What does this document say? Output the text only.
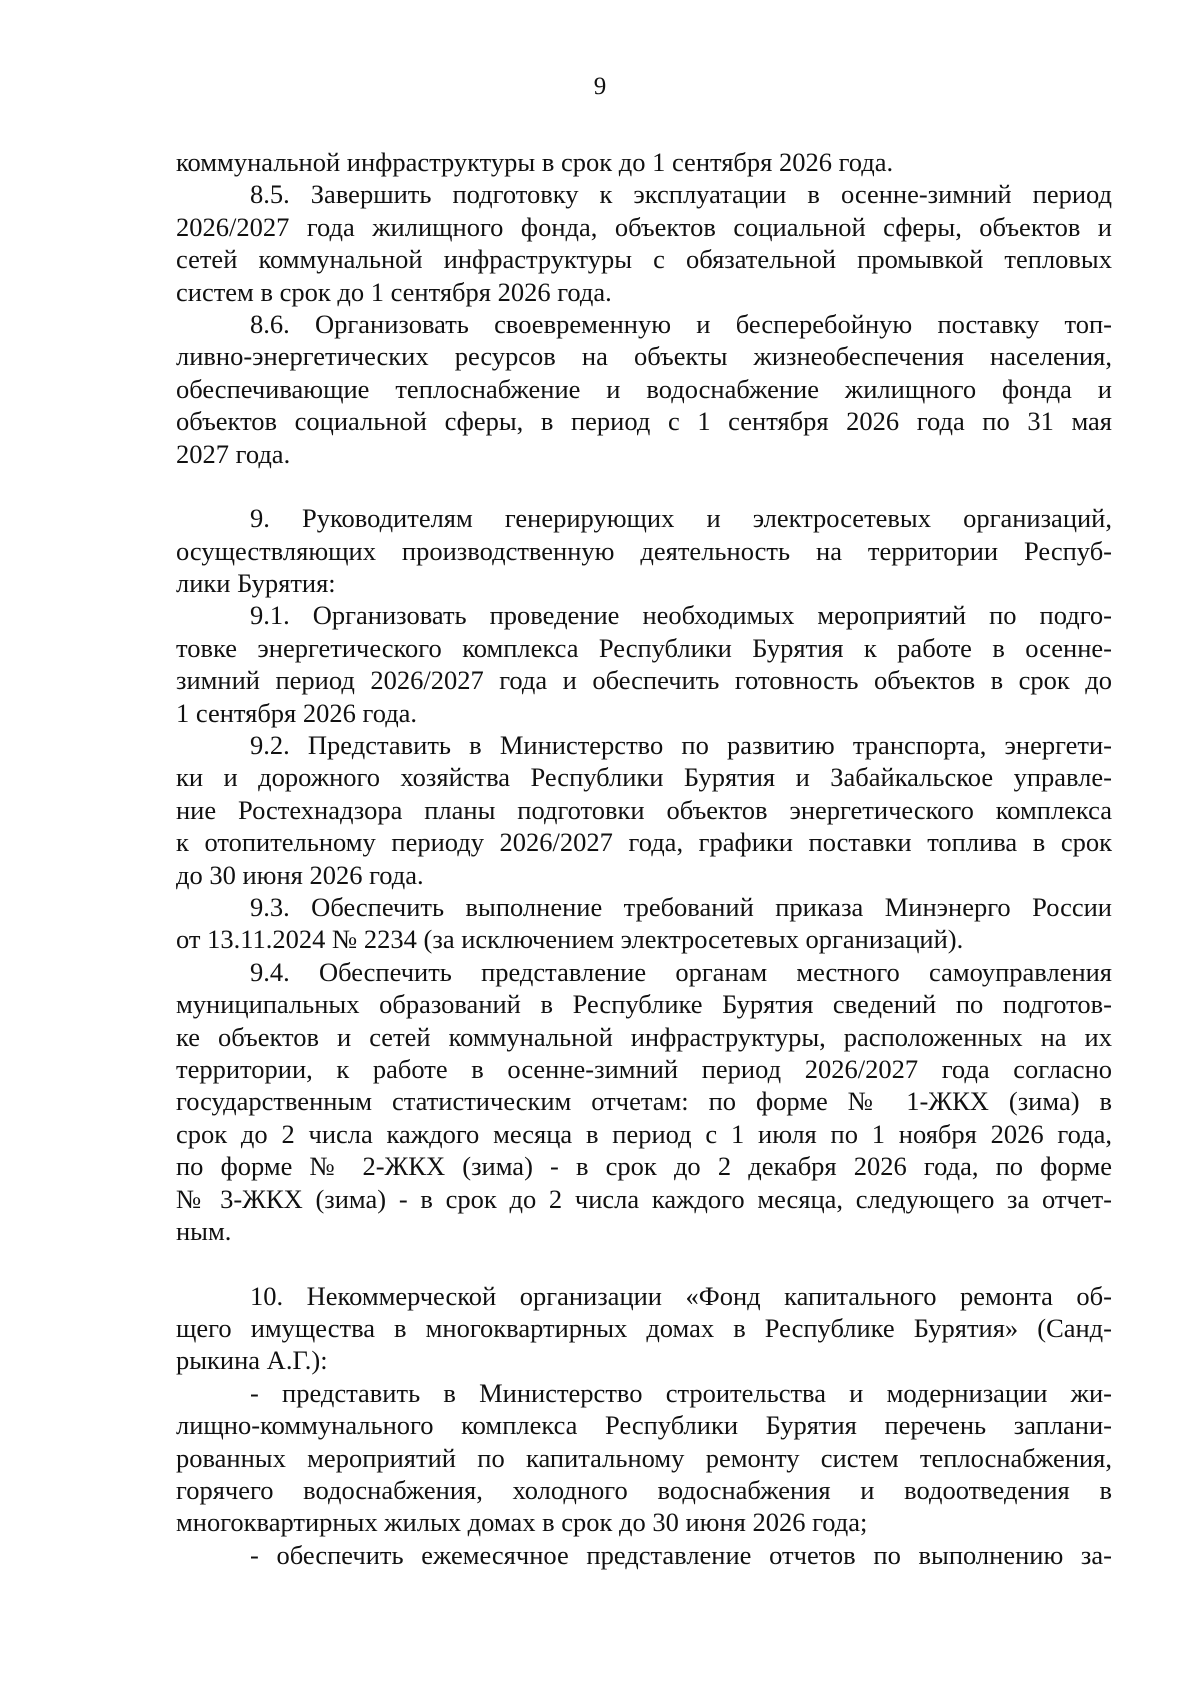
9
коммунальной инфраструктуры в срок до 1 сентября 2026 года.
8.5. Завершить подготовку к эксплуатации в осенне-зимний период
2026/2027 года жилищного фонда, объектов социальной сферы, объектов и
сетей коммунальной инфраструктуры с обязательной промывкой тепловых
систем в срок до 1 сентября 2026 года.
8.6. Организовать своевременную и бесперебойную поставку топ-
ливно-энергетических ресурсов на объекты жизнеобеспечения населения,
обеспечивающие теплоснабжение и водоснабжение жилищного фонда и
объектов социальной сферы, в период с 1 сентября 2026 года по 31 мая
2027 года.
9. Руководителям генерирующих и электросетевых организаций,
осуществляющих производственную деятельность на территории Респуб-
лики Бурятия:
9.1. Организовать проведение необходимых мероприятий по подго-
товке энергетического комплекса Республики Бурятия к работе в осенне-
зимний период 2026/2027 года и обеспечить готовность объектов в срок до
1 сентября 2026 года.
9.2. Представить в Министерство по развитию транспорта, энергети-
ки и дорожного хозяйства Республики Бурятия и Забайкальское управле-
ние Ростехнадзора планы подготовки объектов энергетического комплекса
к отопительному периоду 2026/2027 года, графики поставки топлива в срок
до 30 июня 2026 года.
9.3. Обеспечить выполнение требований приказа Минэнерго России
от 13.11.2024 № 2234 (за исключением электросетевых организаций).
9.4. Обеспечить представление органам местного самоуправления
муниципальных образований в Республике Бурятия сведений по подготов-
ке объектов и сетей коммунальной инфраструктуры, расположенных на их
территории, к работе в осенне-зимний период 2026/2027 года согласно
государственным статистическим отчетам: по форме № 1-ЖКХ (зима) в
срок до 2 числа каждого месяца в период с 1 июля по 1 ноября 2026 года,
по форме № 2-ЖКХ (зима) - в срок до 2 декабря 2026 года, по форме
№ 3-ЖКХ (зима) - в срок до 2 числа каждого месяца, следующего за отчет-
ным.
10. Некоммерческой организации «Фонд капитального ремонта об-
щего имущества в многоквартирных домах в Республике Бурятия» (Санд-
рыкина А.Г.):
- представить в Министерство строительства и модернизации жи-
лищно-коммунального комплекса Республики Бурятия перечень заплани-
рованных мероприятий по капитальному ремонту систем теплоснабжения,
горячего водоснабжения, холодного водоснабжения и водоотведения в
многоквартирных жилых домах в срок до 30 июня 2026 года;
- обеспечить ежемесячное представление отчетов по выполнению за-
